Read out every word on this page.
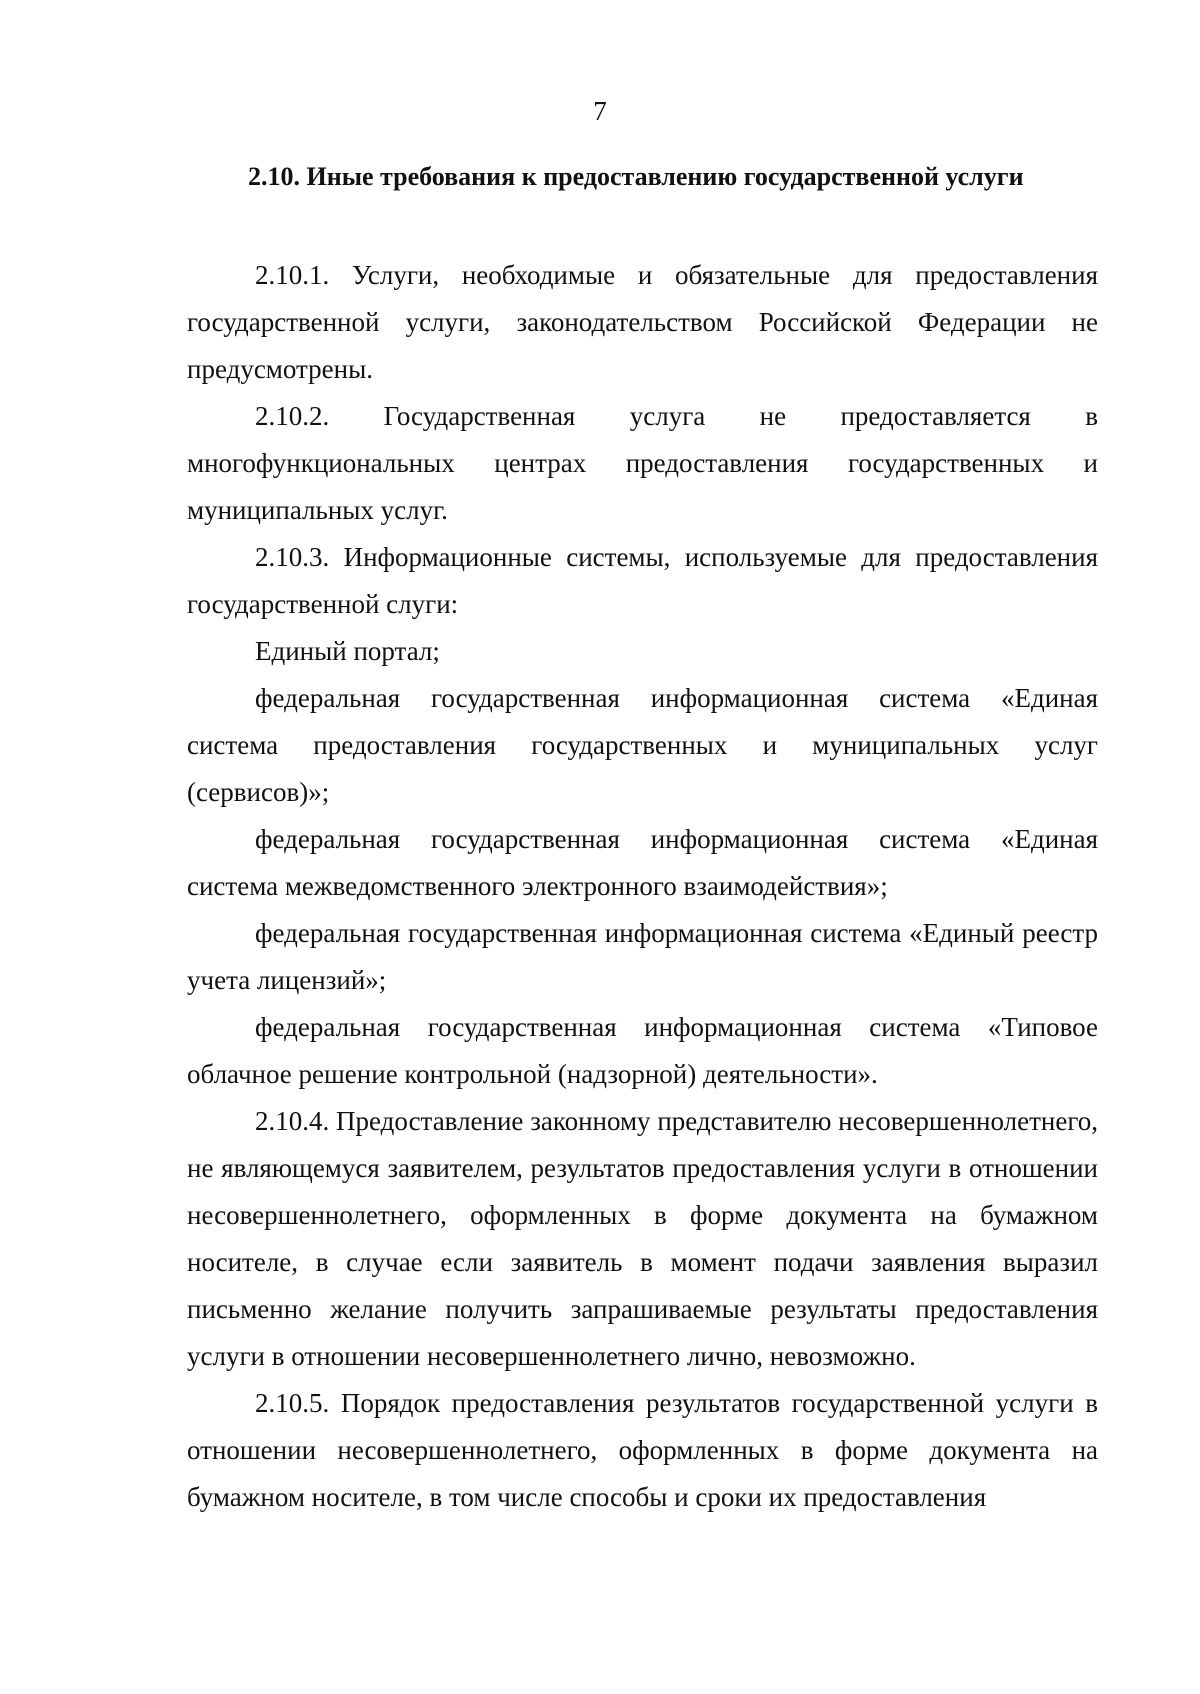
7
2.10. Иные требования к предоставлению государственной услуги

2.10.1. Услуги, необходимые и обязательные для предоставления государственной услуги, законодательством Российской Федерации не предусмотрены.

2.10.2. Государственная услуга не предоставляется в многофункциональных центрах предоставления государственных и муниципальных услуг.

2.10.3. Информационные системы, используемые для предоставления государственной слуги:

Единый портал;

федеральная государственная информационная система «Единая система предоставления государственных и муниципальных услуг (сервисов)»;

федеральная государственная информационная система «Единая система межведомственного электронного взаимодействия»;

федеральная государственная информационная система «Единый реестр учета лицензий»;

федеральная государственная информационная система «Типовое облачное решение контрольной (надзорной) деятельности».

2.10.4. Предоставление законному представителю несовершеннолетнего, не являющемуся заявителем, результатов предоставления услуги в отношении несовершеннолетнего, оформленных в форме документа на бумажном носителе, в случае если заявитель в момент подачи заявления выразил письменно желание получить запрашиваемые результаты предоставления услуги в отношении несовершеннолетнего лично, невозможно.

2.10.5. Порядок предоставления результатов государственной услуги в отношении несовершеннолетнего, оформленных в форме документа на бумажном носителе, в том числе способы и сроки их предоставления
